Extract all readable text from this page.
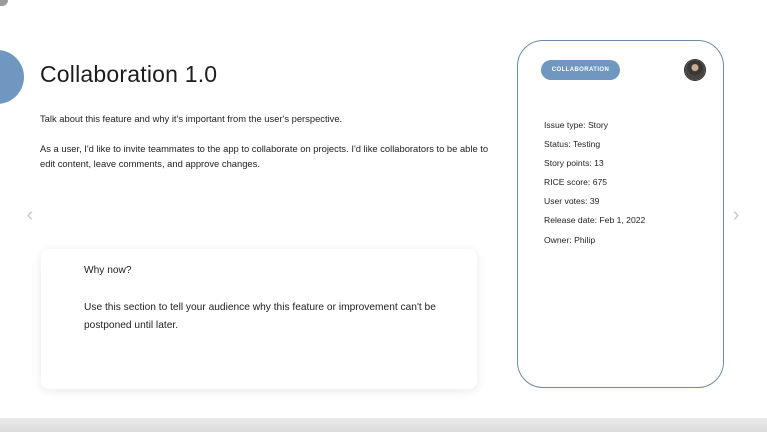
Collaboration 1.0

Talk about this feature and why it's important from the user's perspective.

As a user, I'd like to invite teammates to the app to collaborate on projects. I'd like collaborators to be able to edit content, leave comments, and approve changes.

‹	›

Why now?

Use this section to tell your audience why this feature or improvement can't be postponed until later.

COLLABORATION
Issue type: Story
Status: Testing
Story points: 13
RICE score: 675
User votes: 39
Release date: Feb 1, 2022
Owner: Philip
